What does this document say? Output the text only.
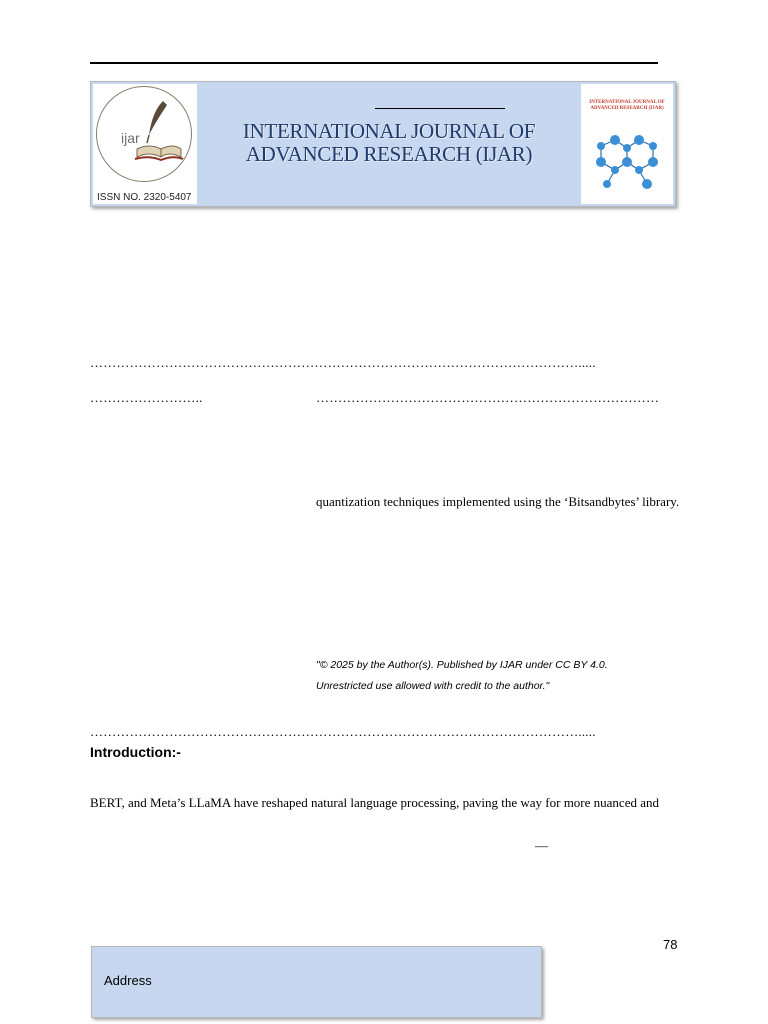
ijar
ISSN NO. 2320-5407
INTERNATIONAL JOURNAL OF
ADVANCED RESEARCH (IJAR)
INTERNATIONAL JOURNAL OF ADVANCED RESEARCH (IJAR)
………………………………………………………………………………………………….....
……………………..	……………………………………………………………………
quantization techniques implemented using the ‘Bitsandbytes’ library.
"© 2025 by the Author(s). Published by IJAR under CC BY 4.0.
Unrestricted use allowed with credit to the author."
………………………………………………………………………………………………….....
Introduction:-
BERT, and Meta’s LLaMA have reshaped natural language processing, paving the way for more nuanced and
—
78
Address
